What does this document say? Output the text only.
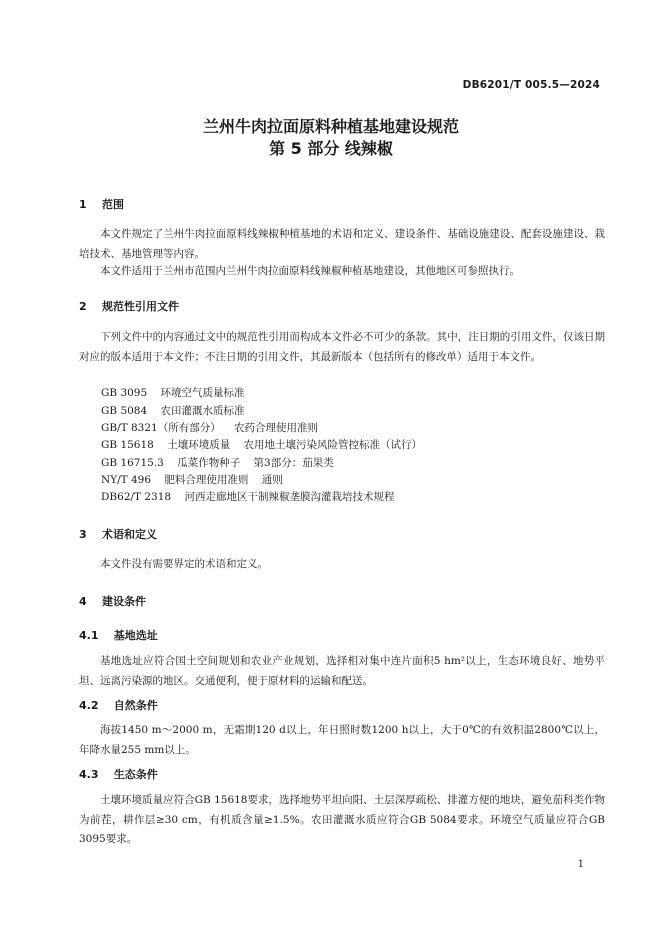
DB6201/T 005.5—2024
兰州牛肉拉面原料种植基地建设规范
第 5 部分 线辣椒
1    范围

本文件规定了兰州牛肉拉面原料线辣椒种植基地的术语和定义、建设条件、基础设施建设、配套设施建设、栽培技术、基地管理等内容。

本文件适用于兰州市范围内兰州牛肉拉面原料线辣椒种植基地建设，其他地区可参照执行。

2    规范性引用文件

下列文件中的内容通过文中的规范性引用而构成本文件必不可少的条款。其中，注日期的引用文件，仅该日期对应的版本适用于本文件；不注日期的引用文件，其最新版本（包括所有的修改单）适用于本文件。

GB 3095    环境空气质量标准

GB 5084    农田灌溉水质标准

GB/T 8321（所有部分）    农药合理使用准则

GB 15618    土壤环境质量    农用地土壤污染风险管控标准（试行）

GB 16715.3    瓜菜作物种子    第3部分：茄果类

NY/T 496    肥料合理使用准则    通则

DB62/T 2318    河西走廊地区干制辣椒垄膜沟灌栽培技术规程

3    术语和定义

本文件没有需要界定的术语和定义。

4    建设条件
4.1    基地选址

基地选址应符合国土空间规划和农业产业规划，选择相对集中连片面积5 hm²以上，生态环境良好、地势平坦、远离污染源的地区。交通便利，便于原材料的运输和配送。

4.2    自然条件

海拔1450 m～2000 m，无霜期120 d以上，年日照时数1200 h以上，大于0℃的有效积温2800℃以上，年降水量255 mm以上。

4.3    生态条件

土壤环境质量应符合GB 15618要求，选择地势平坦向阳、土层深厚疏松、排灌方便的地块，避免茄科类作物为前茬，耕作层≥30 cm，有机质含量≥1.5%。农田灌溉水质应符合GB 5084要求。环境空气质量应符合GB 3095要求。

1
